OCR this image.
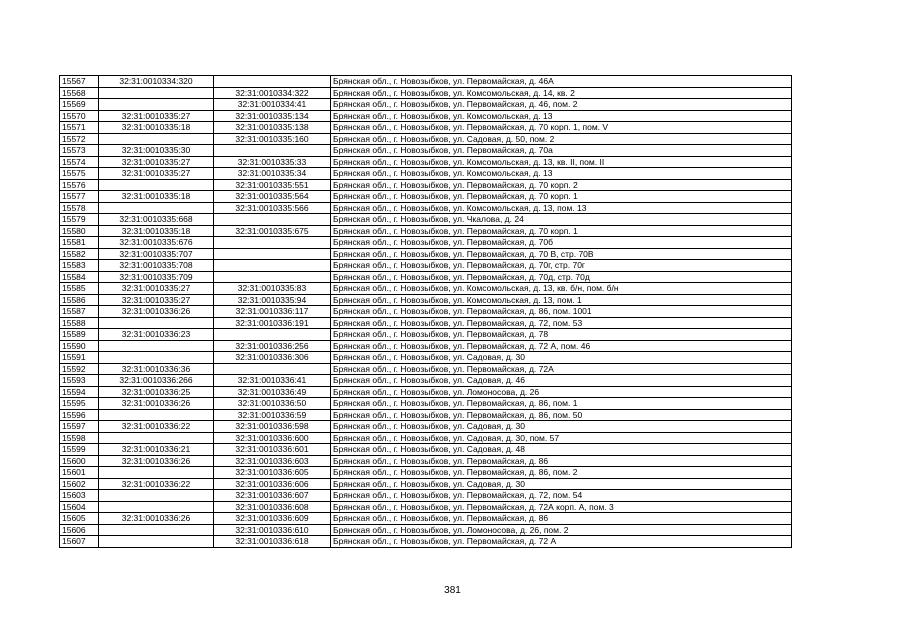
15567	32:31:0010334:320		Брянская обл., г. Новозыбков, ул. Первомайская, д. 46А
15568		32:31:0010334:322	Брянская обл., г. Новозыбков, ул. Комсомольская, д. 14, кв. 2
15569		32:31:0010334:41	Брянская обл., г. Новозыбков, ул. Первомайская, д. 46, пом. 2
15570	32:31:0010335:27	32:31:0010335:134	Брянская обл., г. Новозыбков, ул. Комсомольская, д. 13
15571	32:31:0010335:18	32:31:0010335:138	Брянская обл., г. Новозыбков, ул. Первомайская, д. 70 корп. 1, пом. V
15572		32:31:0010335:160	Брянская обл., г. Новозыбков, ул. Садовая, д. 50, пом. 2
15573	32:31:0010335:30		Брянская обл., г. Новозыбков, ул. Первомайская, д. 70а
15574	32:31:0010335:27	32:31:0010335:33	Брянская обл., г. Новозыбков, ул. Комсомольская, д. 13, кв. II, пом. II
15575	32:31:0010335:27	32:31:0010335:34	Брянская обл., г. Новозыбков, ул. Комсомольская, д. 13
15576		32:31:0010335:551	Брянская обл., г. Новозыбков, ул. Первомайская, д. 70 корп. 2
15577	32:31:0010335:18	32:31:0010335:564	Брянская обл., г. Новозыбков, ул. Первомайская, д. 70 корп. 1
15578		32:31:0010335:566	Брянская обл., г. Новозыбков, ул. Комсомольская, д. 13, пом. 13
15579	32:31:0010335:668		Брянская обл., г. Новозыбков, ул. Чкалова, д. 24
15580	32:31:0010335:18	32:31:0010335:675	Брянская обл., г. Новозыбков, ул. Первомайская, д. 70 корп. 1
15581	32:31:0010335:676		Брянская обл., г. Новозыбков, ул. Первомайская, д. 70б
15582	32:31:0010335:707		Брянская обл., г. Новозыбков, ул. Первомайская, д. 70 В, стр. 70В
15583	32:31:0010335:708		Брянская обл., г. Новозыбков, ул. Первомайская, д. 70г, стр. 70г
15584	32:31:0010335:709		Брянская обл., г. Новозыбков, ул. Первомайская, д. 70д, стр. 70д
15585	32:31:0010335:27	32:31:0010335:83	Брянская обл., г. Новозыбков, ул. Комсомольская, д. 13, кв. б/н, пом. б/н
15586	32:31:0010335:27	32:31:0010335:94	Брянская обл., г. Новозыбков, ул. Комсомольская, д. 13, пом. 1
15587	32:31:0010336:26	32:31:0010336:117	Брянская обл., г. Новозыбков, ул. Первомайская, д. 86, пом. 1001
15588		32:31:0010336:191	Брянская обл., г. Новозыбков, ул. Первомайская, д. 72, пом. 53
15589	32:31:0010336:23		Брянская обл., г. Новозыбков, ул. Первомайская, д. 78
15590		32:31:0010336:256	Брянская обл., г. Новозыбков, ул. Первомайская, д. 72 А, пом. 46
15591		32:31:0010336:306	Брянская обл., г. Новозыбков, ул. Садовая, д. 30
15592	32:31:0010336:36		Брянская обл., г. Новозыбков, ул. Первомайская, д. 72А
15593	32:31:0010336:266	32:31:0010336:41	Брянская обл., г. Новозыбков, ул. Садовая, д. 46
15594	32:31:0010336:25	32:31:0010336:49	Брянская обл., г. Новозыбков, ул. Ломоносова, д. 26
15595	32:31:0010336:26	32:31:0010336:50	Брянская обл., г. Новозыбков, ул. Первомайская, д. 86, пом. 1
15596		32:31:0010336:59	Брянская обл., г. Новозыбков, ул. Первомайская, д. 86, пом. 50
15597	32:31:0010336:22	32:31:0010336:598	Брянская обл., г. Новозыбков, ул. Садовая, д. 30
15598		32:31:0010336:600	Брянская обл., г. Новозыбков, ул. Садовая, д. 30, пом. 57
15599	32:31:0010336:21	32:31:0010336:601	Брянская обл., г. Новозыбков, ул. Садовая, д. 48
15600	32:31:0010336:26	32:31:0010336:603	Брянская обл., г. Новозыбков, ул. Первомайская, д. 86
15601		32:31:0010336:605	Брянская обл., г. Новозыбков, ул. Первомайская, д. 86, пом. 2
15602	32:31:0010336:22	32:31:0010336:606	Брянская обл., г. Новозыбков, ул. Садовая, д. 30
15603		32:31:0010336:607	Брянская обл., г. Новозыбков, ул. Первомайская, д. 72, пом. 54
15604		32:31:0010336:608	Брянская обл., г. Новозыбков, ул. Первомайская, д. 72А корп. А, пом. 3
15605	32:31:0010336:26	32:31:0010336:609	Брянская обл., г. Новозыбков, ул. Первомайская, д. 86
15606		32:31:0010336:610	Брянская обл., г. Новозыбков, ул. Ломоносова, д. 26, пом. 2
15607		32:31:0010336:618	Брянская обл., г. Новозыбков, ул. Первомайская, д. 72 А
381
